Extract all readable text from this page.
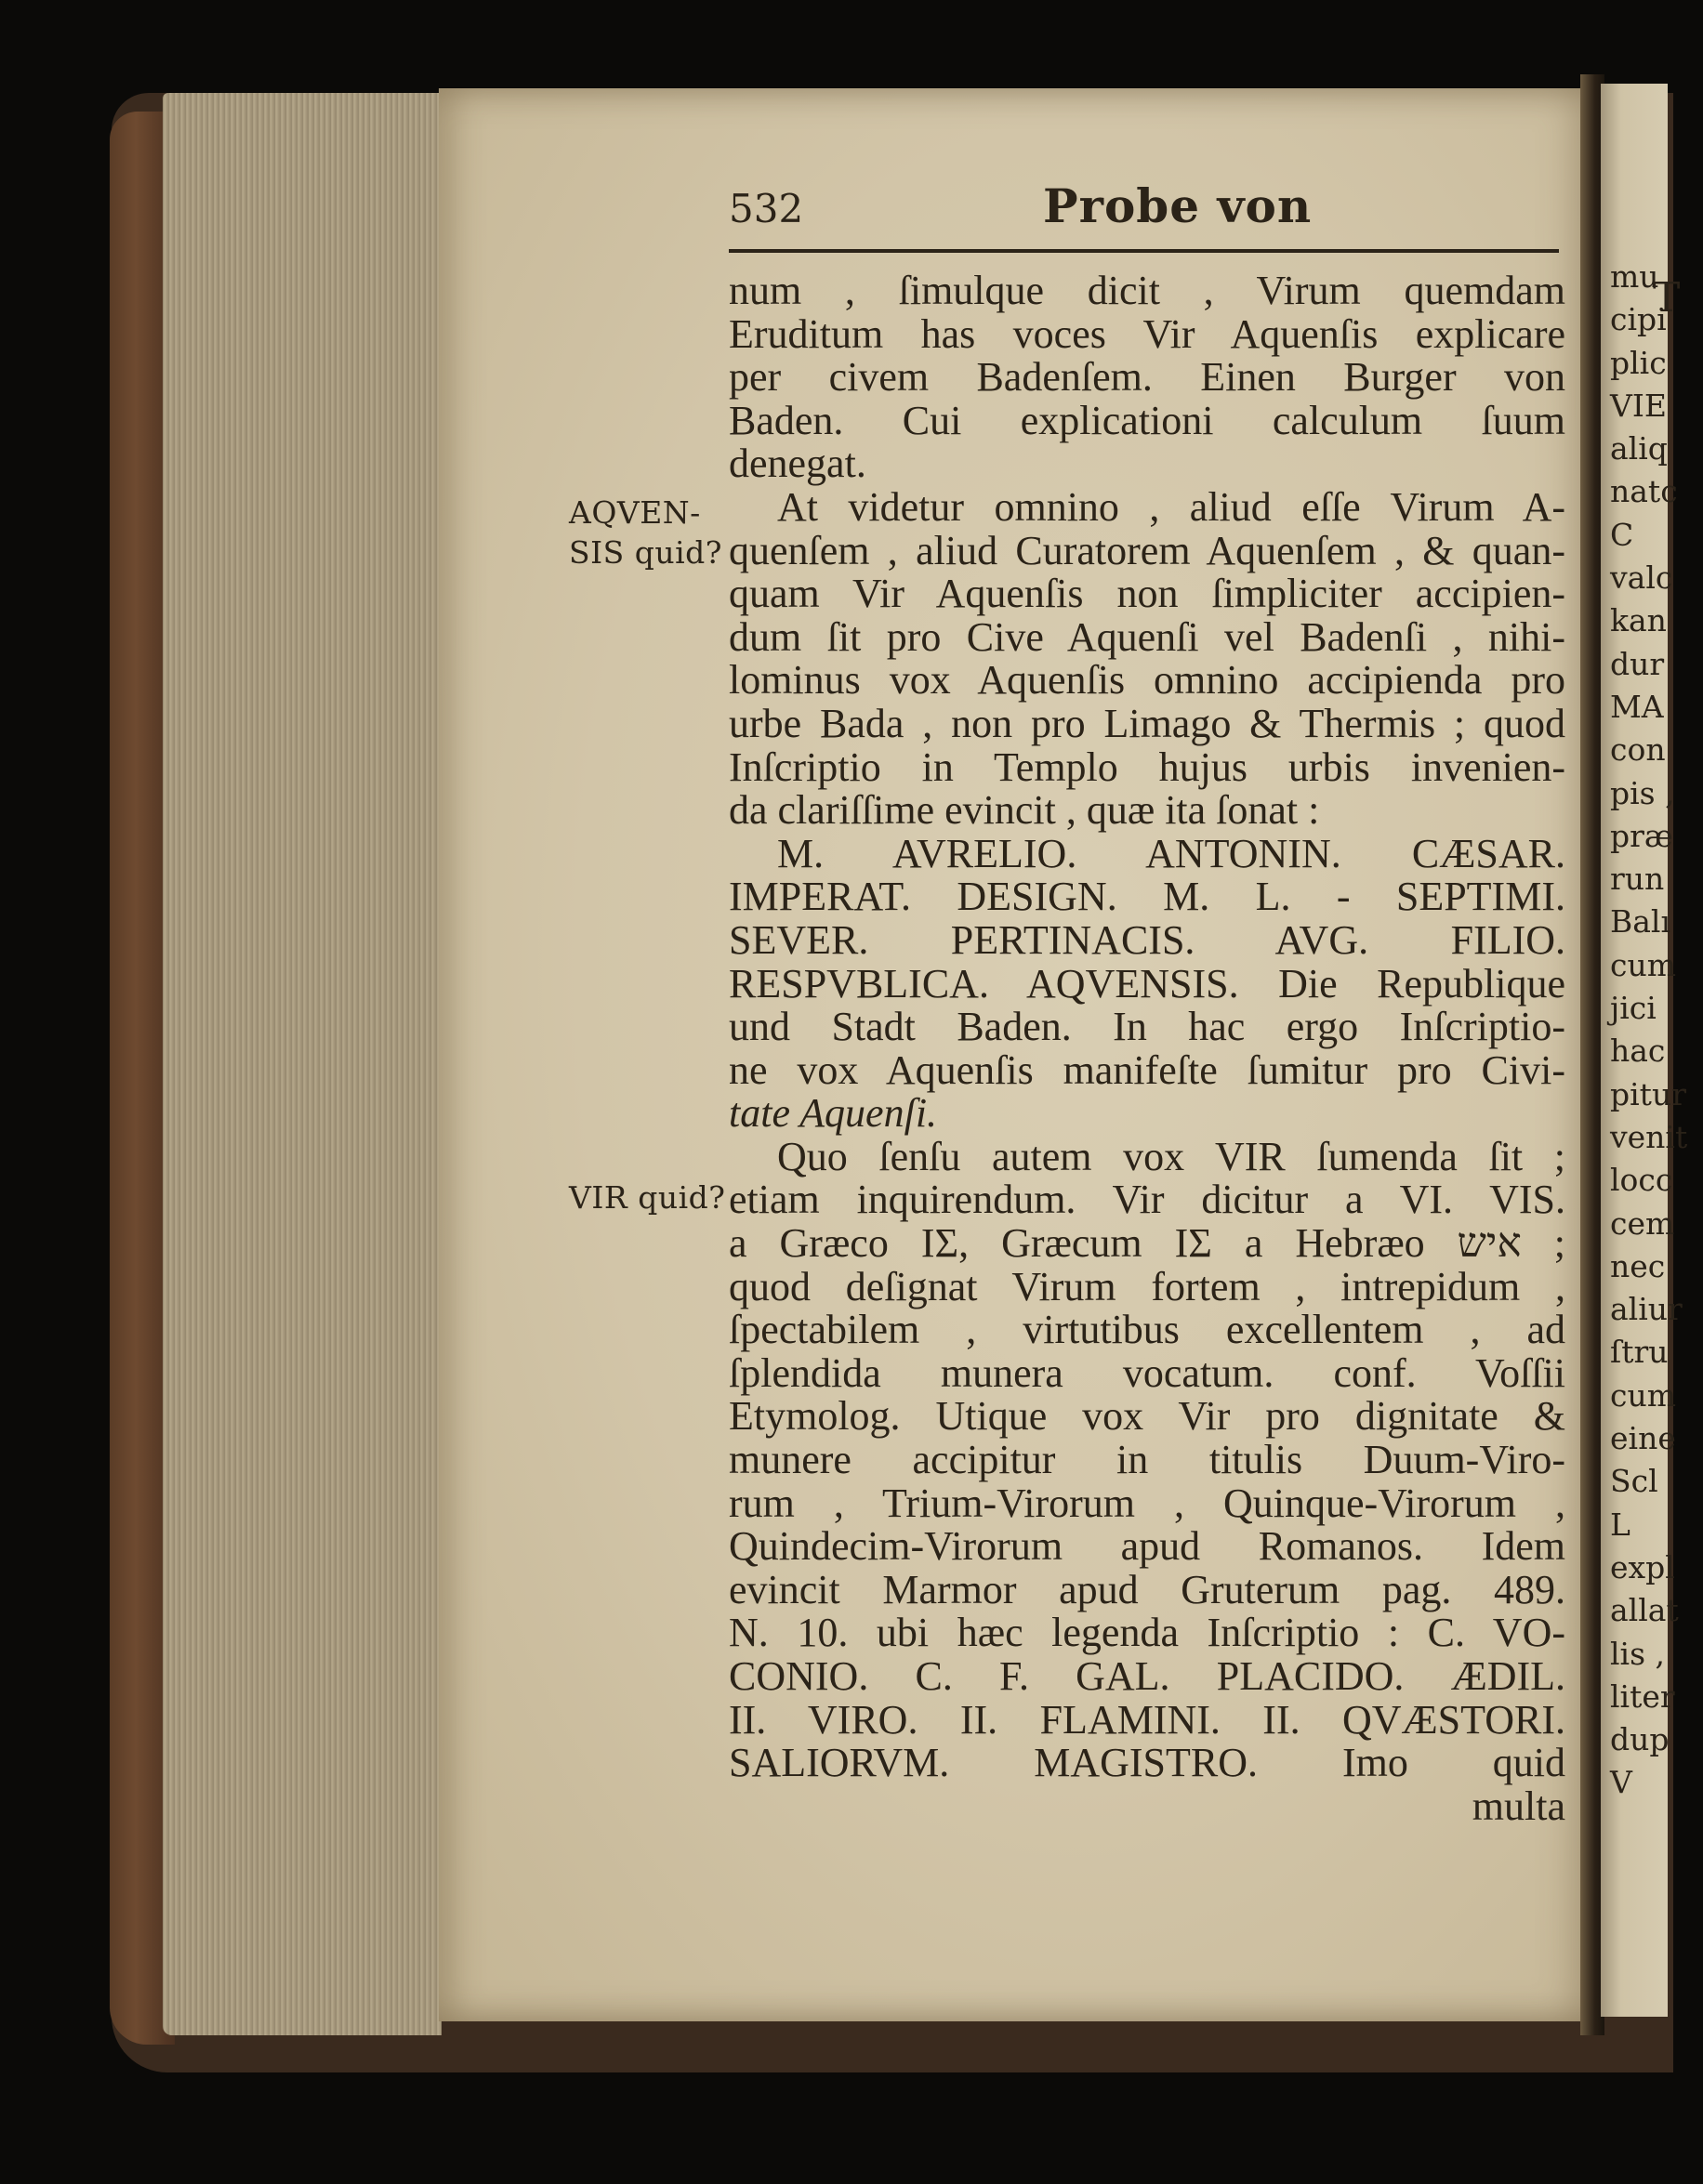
532	Probe von
AQVEN-
SIS quid?
VIR quid?
num , ſimulque dicit , Virum quemdam
Eruditum has voces Vir Aquenſis explicare
per civem Badenſem. Einen Burger von
Baden. Cui explicationi calculum ſuum
denegat.
At videtur omnino , aliud eſſe Virum A-
quenſem , aliud Curatorem Aquenſem , & quan-
quam Vir Aquenſis non ſimpliciter accipien-
dum ſit pro Cive Aquenſi vel Badenſi , nihi-
lominus vox Aquenſis omnino accipienda pro
urbe Bada , non pro Limago & Thermis ; quod
Inſcriptio in Templo hujus urbis invenien-
da clariſſime evincit , quæ ita ſonat :
M. AVRELIO. ANTONIN. CÆSAR.
IMPERAT. DESIGN. M. L. - SEPTIMI.
SEVER. PERTINACIS. AVG. FILIO.
RESPVBLICA. AQVENSIS. Die Republique
und Stadt Baden. In hac ergo Inſcriptio-
ne vox Aquenſis manifeſte ſumitur pro Civi-
tate Aquenſi.
Quo ſenſu autem vox VIR ſumenda ſit ;
etiam inquirendum. Vir dicitur a VI. VIS.
a Græco ΙΣ, Græcum ΙΣ a Hebræo איש ;
quod deſignat Virum fortem , intrepidum ,
ſpectabilem , virtutibus excellentem , ad
ſplendida munera vocatum. conf. Voſſii
Etymolog. Utique vox Vir pro dignitate &
munere accipitur in titulis Duum-Viro-
rum , Trium-Virorum , Quinque-Virorum ,
Quindecim-Virorum apud Romanos. Idem
evincit Marmor apud Gruterum pag. 489.
N. 10. ubi hæc legenda Inſcriptio : C. VO-
CONIO. C. F. GAL. PLACIDO. ÆDIL.
II. VIRO. II. FLAMINI. II. QVÆSTORI.
SALIORVM. MAGISTRO. Imo quid
multa
T
mu
cipi
plic
VIE
aliq
natc
C
valc
kan
dur
MA
con
pis ,
præ
run
Balı
cum
jici
hac
pitur
venit
locc
cem
nec
aliur
ſtru
cum
eine
Scl
L
expl
allat
lis ,
liter
dup
V
